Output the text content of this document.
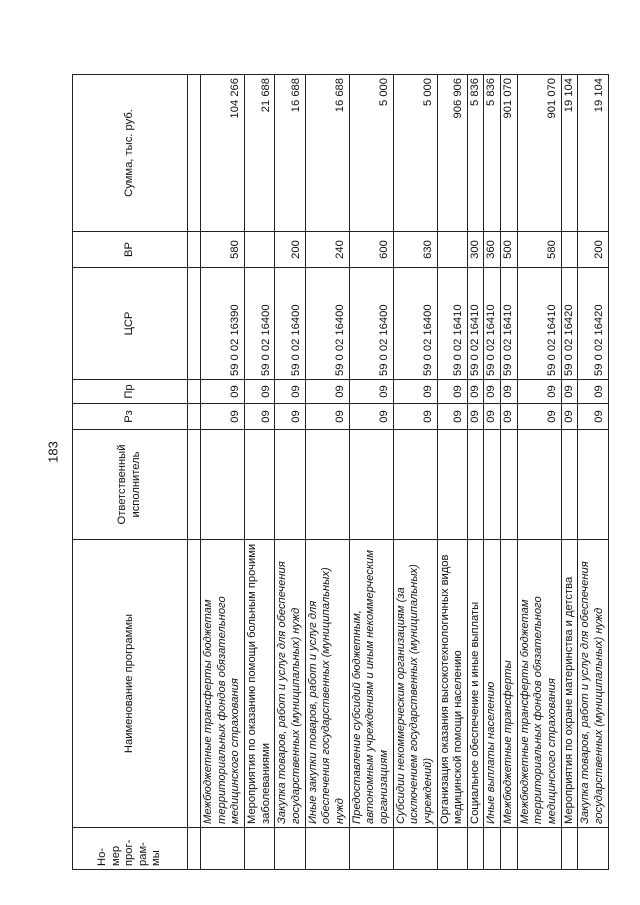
183
Но-мер прог-рам-мы	Наименование программы	Ответственный исполнитель	Рз	Пр	ЦСР	ВР	Сумма, тыс. руб.

	Межбюджетные трансферты бюджетам территориальных фондов обязательного медицинского страхования		09	09	59 0 02 16390	580	104 266
	Мероприятия по оказанию помощи больным прочими заболеваниями		09	09	59 0 02 16400		21 688
	Закупка товаров, работ и услуг для обеспечения государственных (муниципальных) нужд		09	09	59 0 02 16400	200	16 688
	Иные закупки товаров, работ и услуг для обеспечения государственных (муниципальных) нужд		09	09	59 0 02 16400	240	16 688
	Предоставление субсидий бюджетным, автономным учреждениям и иным некоммерческим организациям		09	09	59 0 02 16400	600	5 000
	Субсидии некоммерческим организациям (за исключением государственных (муниципальных) учреждений)		09	09	59 0 02 16400	630	5 000
	Организация оказания высокотехнологичных видов медицинской помощи населению		09	09	59 0 02 16410		906 906
	Социальное обеспечение и иные выплаты		09	09	59 0 02 16410	300	5 836
	Иные выплаты населению		09	09	59 0 02 16410	360	5 836
	Межбюджетные трансферты		09	09	59 0 02 16410	500	901 070
	Межбюджетные трансферты бюджетам территориальных фондов обязательного медицинского страхования		09	09	59 0 02 16410	580	901 070
	Мероприятия по охране материнства и детства		09	09	59 0 02 16420		19 104
	Закупка товаров, работ и услуг для обеспечения государственных (муниципальных) нужд		09	09	59 0 02 16420	200	19 104
